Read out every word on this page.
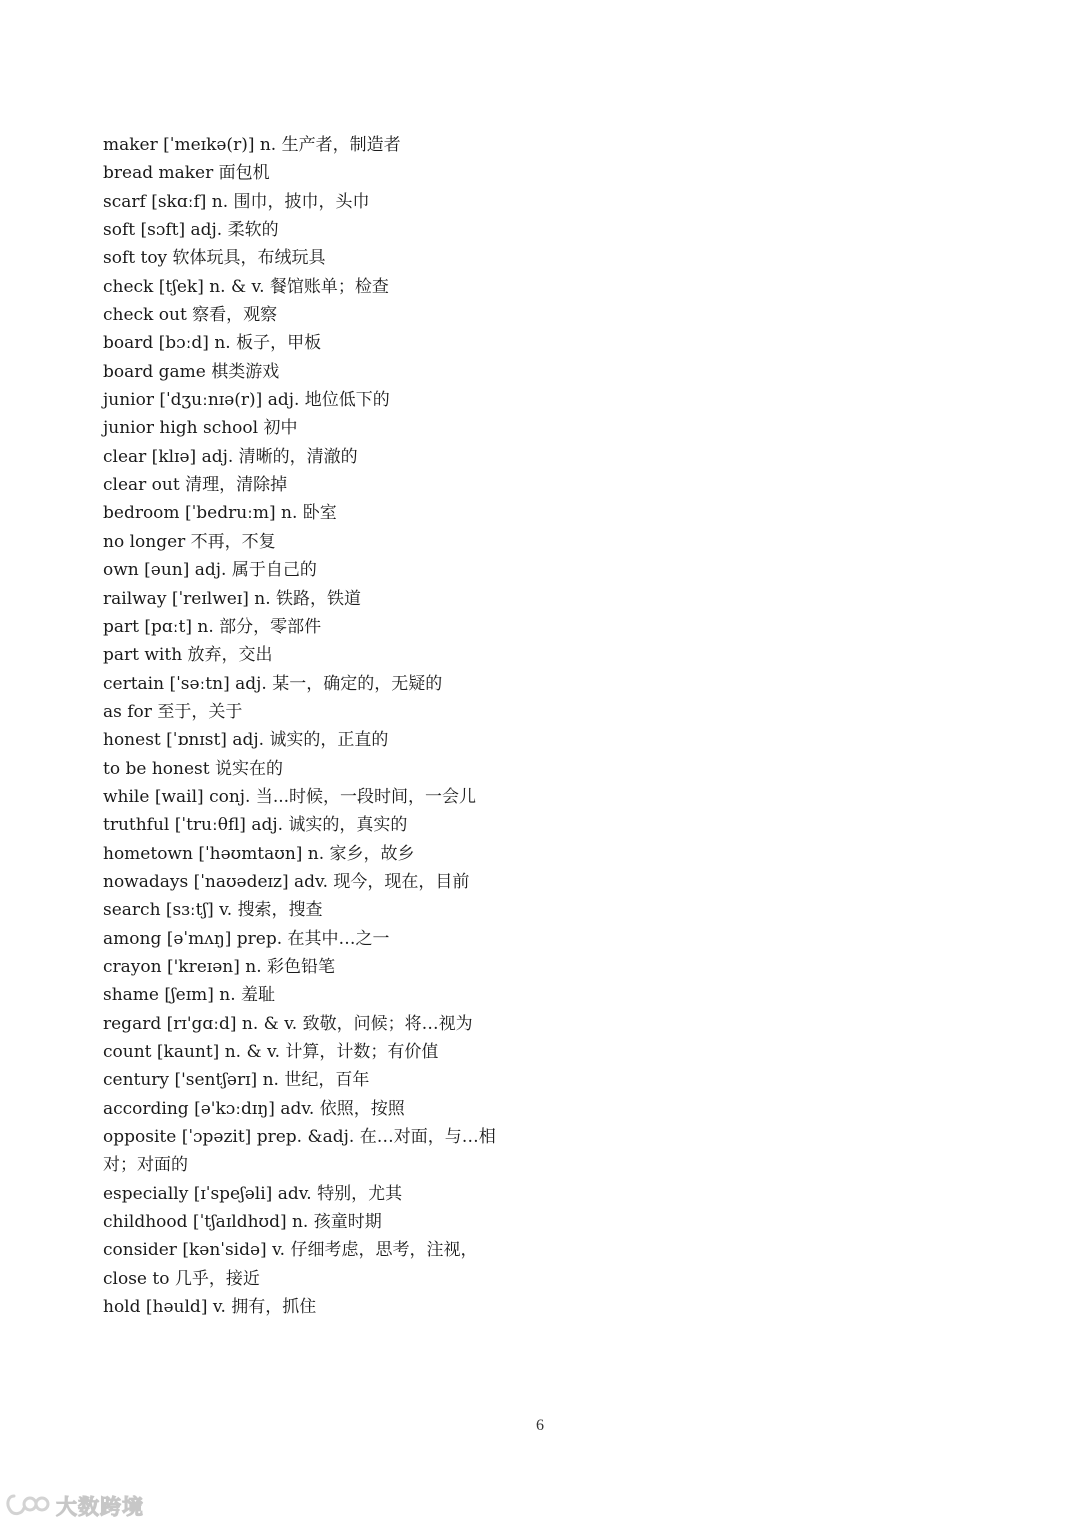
maker [ˈmeɪkə(r)] n. 生产者，制造者
bread maker 面包机
scarf [skɑːf] n. 围巾，披巾，头巾
soft [sɔft] adj. 柔软的
soft toy 软体玩具，布绒玩具
check [tʃek] n. & v. 餐馆账单；检查
check out 察看，观察
board [bɔːd] n. 板子，甲板
board game 棋类游戏
junior [ˈdʒuːnɪə(r)] adj. 地位低下的
junior high school 初中
clear [klɪə] adj. 清晰的，清澈的
clear out 清理，清除掉
bedroom [ˈbedruːm] n. 卧室
no longer 不再，不复
own [əun] adj. 属于自己的
railway [ˈreɪlweɪ] n. 铁路，铁道
part [pɑːt] n. 部分，零部件
part with 放弃，交出
certain [ˈsəːtn] adj. 某一，确定的，无疑的
as for 至于，关于
honest [ˈɒnɪst] adj. 诚实的，正直的
to be honest 说实在的
while [wail] conj. 当...时候，一段时间，一会儿
truthful [ˈtruːθfl] adj. 诚实的，真实的
hometown [ˈhəʊmtaʊn] n. 家乡，故乡
nowadays [ˈnaʊədeɪz] adv. 现今，现在，目前
search [sɜːtʃ] v. 搜索，搜查
among [əˈmʌŋ] prep. 在其中…之一
crayon ['kreɪən] n. 彩色铅笔
shame [ʃeɪm] n. 羞耻
regard [rɪ'gɑːd] n. & v. 致敬，问候；将…视为
count [kaunt] n. & v. 计算，计数；有价值
century ['sentʃərɪ] n. 世纪，百年
according [ə'kɔːdɪŋ] adv. 依照，按照
opposite [ˈɔpəzit] prep. &adj. 在…对面，与…相
对；对面的
especially [ɪˈspeʃəli] adv. 特别，尤其
childhood [ˈtʃaɪldhʊd] n. 孩童时期
consider [kənˈsidə] v. 仔细考虑，思考，注视，
close to 几乎，接近
hold [həuld] v. 拥有，抓住
6
大数跨境
